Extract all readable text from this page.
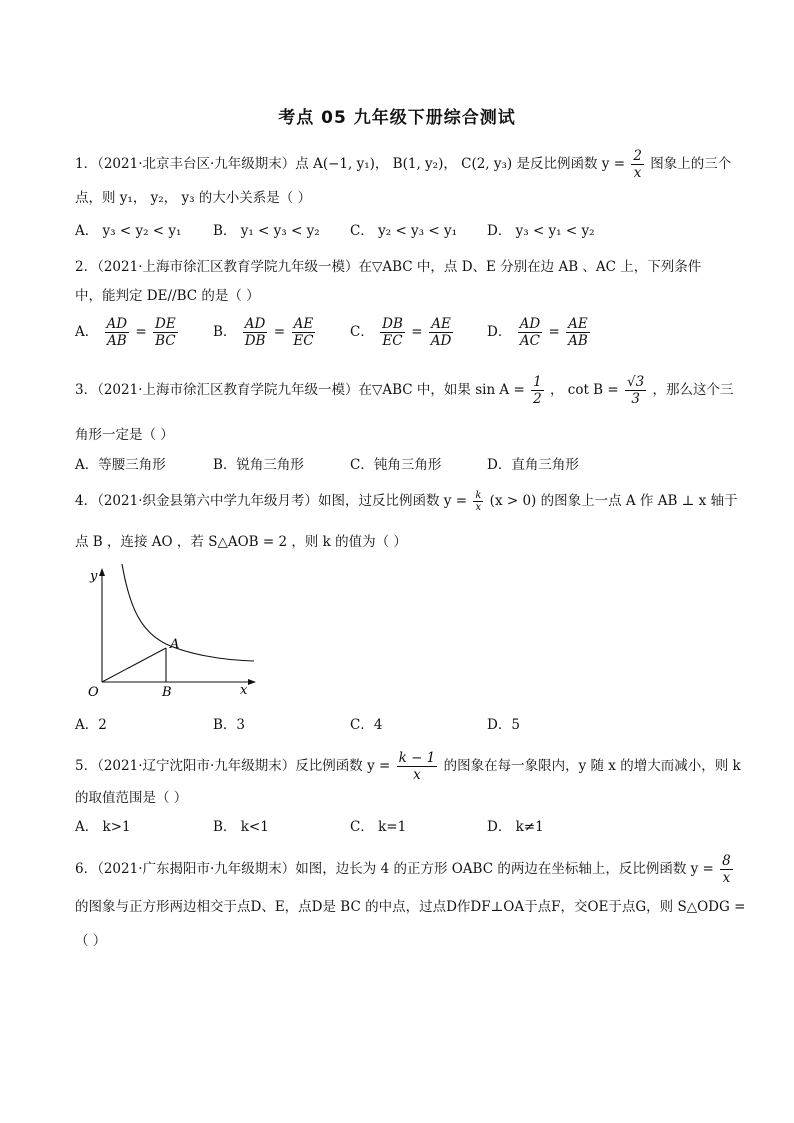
考点 05 九年级下册综合测试
1．（2021·北京丰台区·九年级期末）点 A(−1, y₁)， B(1, y₂)， C(2, y₃) 是反比例函数 $y = \frac{2}{x}$ 图象上的三个
点，则 y₁， y₂， y₃ 的大小关系是（ ）
A． y₃ < y₂ < y₁ B． y₁ < y₃ < y₂ C． y₂ < y₃ < y₁ D． y₃ < y₁ < y₂
2．（2021·上海市徐汇区教育学院九年级一模）在▽ABC 中，点 D、E 分别在边 AB 、AC 上，下列条件
中，能判定 DE//BC 的是（ ）
A． $\frac{AD}{AB} = \frac{DE}{BC}$	B． $\frac{AD}{DB} = \frac{AE}{EC}$	C． $\frac{DB}{EC} = \frac{AE}{AD}$ D． $\frac{AD}{AC} = \frac{AE}{AB}$
3．（2021·上海市徐汇区教育学院九年级一模）在▽ABC 中，如果 $\sin A = \frac{1}{2}$ ， $\cot B = \frac{√3}{3}$ ，那么这个三
角形一定是（ ）
A．等腰三角形	B．锐角三角形	C．钝角三角形	D．直角三角形
4．（2021·织金县第六中学九年级月考）如图，过反比例函数 $y = \frac{k}{x} (x > 0)$ 的图象上一点 A 作 AB ⊥ x 轴于
点 B ，连接 AO ，若 S△AOB = 2 ，则 k 的值为（ ）
y
x
O
A
B
A．2	B．3	C．4	D．5
5．（2021·辽宁沈阳市·九年级期末）反比例函数 $y = \frac{k - 1}{x}$ 的图象在每一象限内，y 随 x 的增大而减小，则 k
的取值范围是（ ）
A． k>1	B． k<1	C． k=1	D． k≠1
6．（2021·广东揭阳市·九年级期末）如图，边长为 4 的正方形 OABC 的两边在坐标轴上，反比例函数 $y = \frac{8}{x}$
的图象与正方形两边相交于点D、E，点D是 BC 的中点，过点D作DF⊥OA于点F，交OE于点G，则 S△ODG =
（ ）
